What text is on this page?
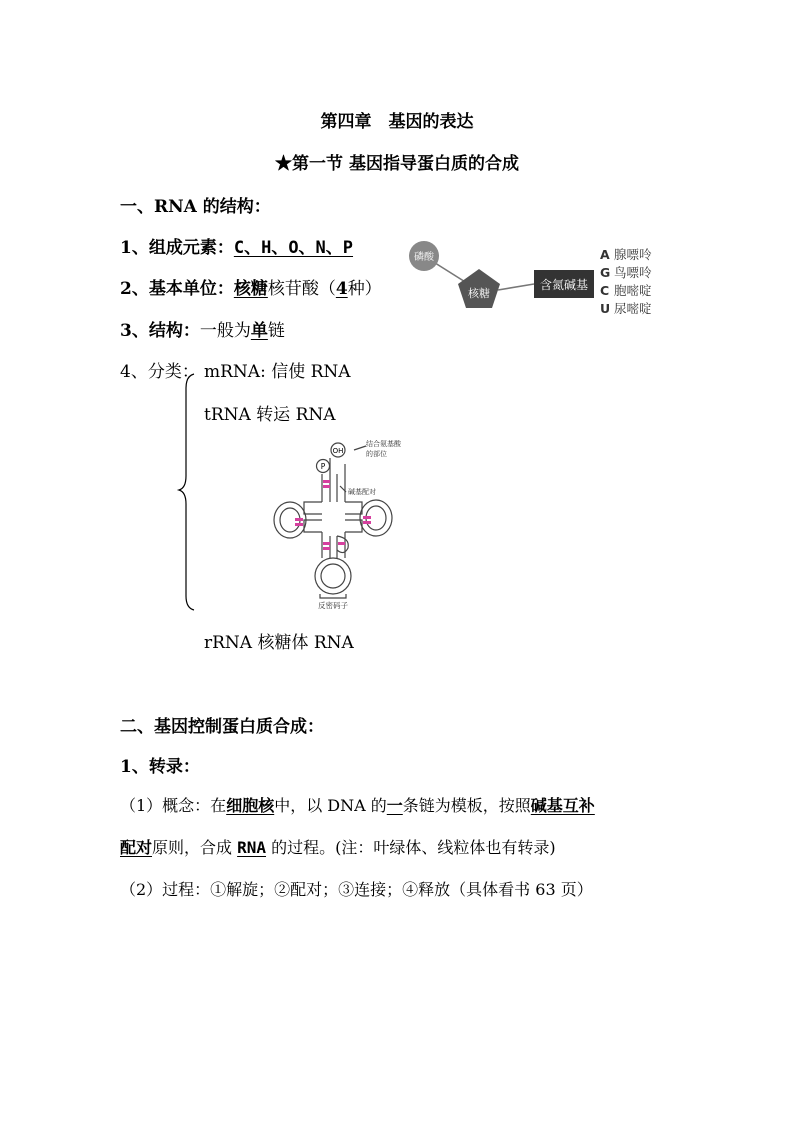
第四章　基因的表达
★第一节 基因指导蛋白质的合成
一、RNA 的结构：
1、组成元素：C、H、O、N、P
2、基本单位：核糖核苷酸（4种）
3、结构：一般为单链
4、分类： mRNA: 信使 RNA
tRNA 转运 RNA
rRNA 核糖体 RNA
磷酸
核糖
含氮碱基
A 腺嘌呤
G 鸟嘌呤
C 胞嘧啶
U 尿嘧啶
OH
P
结合氨基酸
的部位
碱基配对
反密码子
二、基因控制蛋白质合成：
1、转录：
（1）概念：在细胞核中，以 DNA 的一条链为模板，按照碱基互补
配对原则，合成 RNA 的过程。(注：叶绿体、线粒体也有转录)
（2）过程：①解旋；②配对；③连接；④释放（具体看书 63 页）
